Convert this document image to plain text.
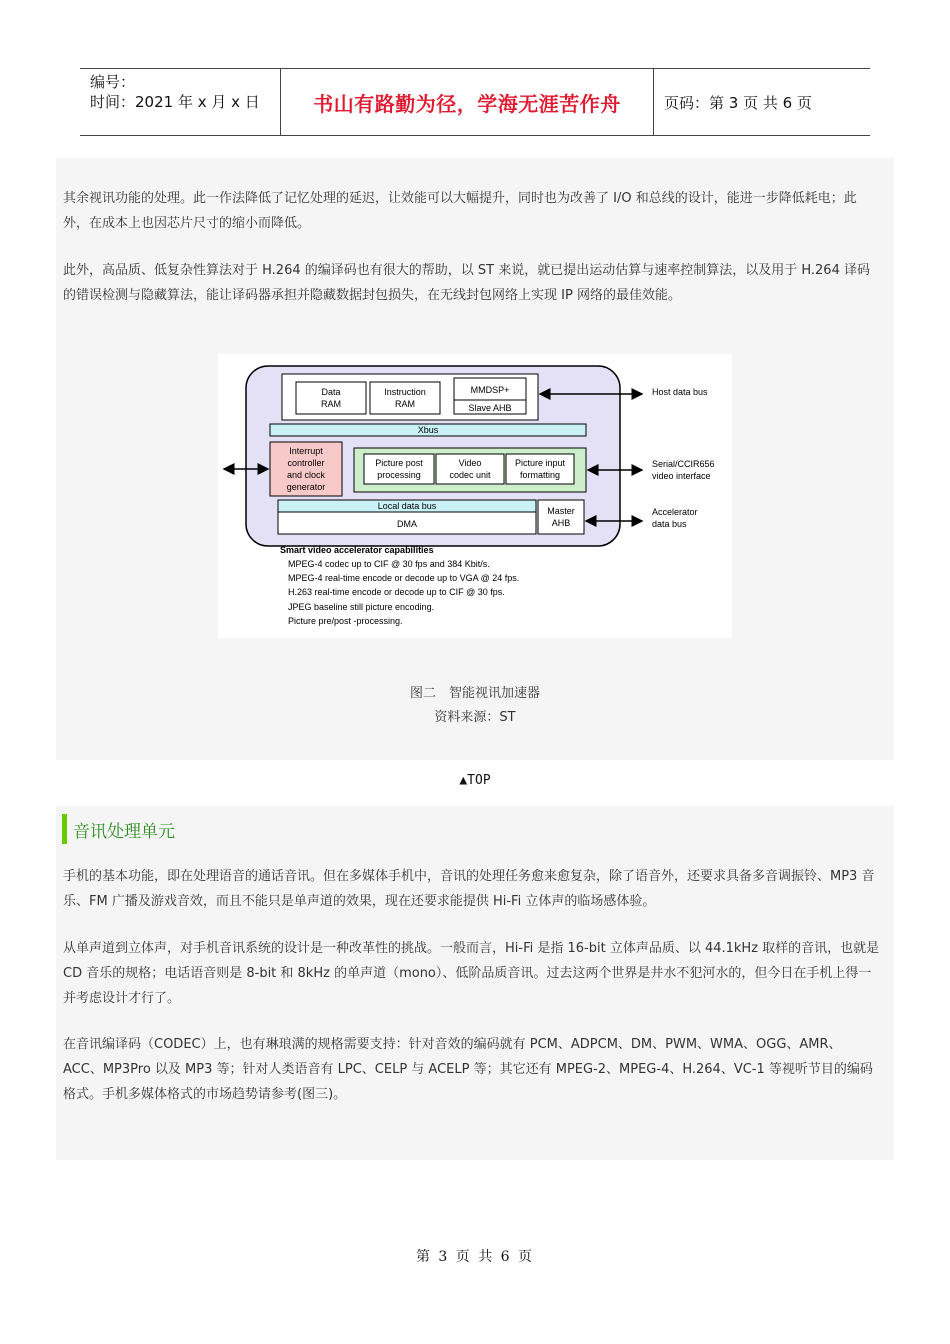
编号：
时间：2021 年 x 月 x 日	书山有路勤为径，学海无涯苦作舟	页码：第 3 页 共 6 页

其余视讯功能的处理。此一作法降低了记忆处理的延迟，让效能可以大幅提升，同时也为改善了 I/O 和总线的设计，能进一步降低耗电；此外，在成本上也因芯片尺寸的缩小而降低。

此外，高品质、低复杂性算法对于 H.264 的编译码也有很大的帮助，以 ST 来说，就已提出运动估算与速率控制算法，以及用于 H.264 译码的错误检测与隐藏算法，能让译码器承担并隐藏数据封包损失，在无线封包网络上实现 IP 网络的最佳效能。

Data
RAM
Instruction
RAM
MMDSP+
Slave AHB
Xbus
Interrupt
controller
and clock
generator
Picture post
processing
Video
codec unit
Picture input
formatting
Local data bus
DMA
Master
AHB
Host data bus
Serial/CCIR656
video interface
Accelerator
data bus
Smart video accelerator capabilities
MPEG-4 codec up to CIF @ 30 fps and 384 Kbit/s.
MPEG-4 real-time encode or decode up to VGA @ 24 fps.
H.263 real-time encode or decode up to CIF @ 30 fps.
JPEG baseline still picture encoding.
Picture pre/post -processing.
图二　智能视讯加速器
资料来源：ST
▲TOP
音讯处理单元

手机的基本功能，即在处理语音的通话音讯。但在多媒体手机中，音讯的处理任务愈来愈复杂，除了语音外，还要求具备多音调振铃、MP3 音乐、FM 广播及游戏音效，而且不能只是单声道的效果，现在还要求能提供 Hi-Fi 立体声的临场感体验。

从单声道到立体声，对手机音讯系统的设计是一种改革性的挑战。一般而言，Hi-Fi 是指 16-bit 立体声品质、以 44.1kHz 取样的音讯，也就是 CD 音乐的规格；电话语音则是 8-bit 和 8kHz 的单声道（mono）、低阶品质音讯。过去这两个世界是井水不犯河水的，但今日在手机上得一并考虑设计才行了。

在音讯编译码（CODEC）上，也有琳琅满的规格需要支持：针对音效的编码就有 PCM、ADPCM、DM、PWM、WMA、OGG、AMR、ACC、MP3Pro 以及 MP3 等；针对人类语音有 LPC、CELP 与 ACELP 等；其它还有 MPEG-2、MPEG-4、H.264、VC-1 等视听节目的编码格式。手机多媒体格式的市场趋势请参考(图三)。

第 3 页 共 6 页
